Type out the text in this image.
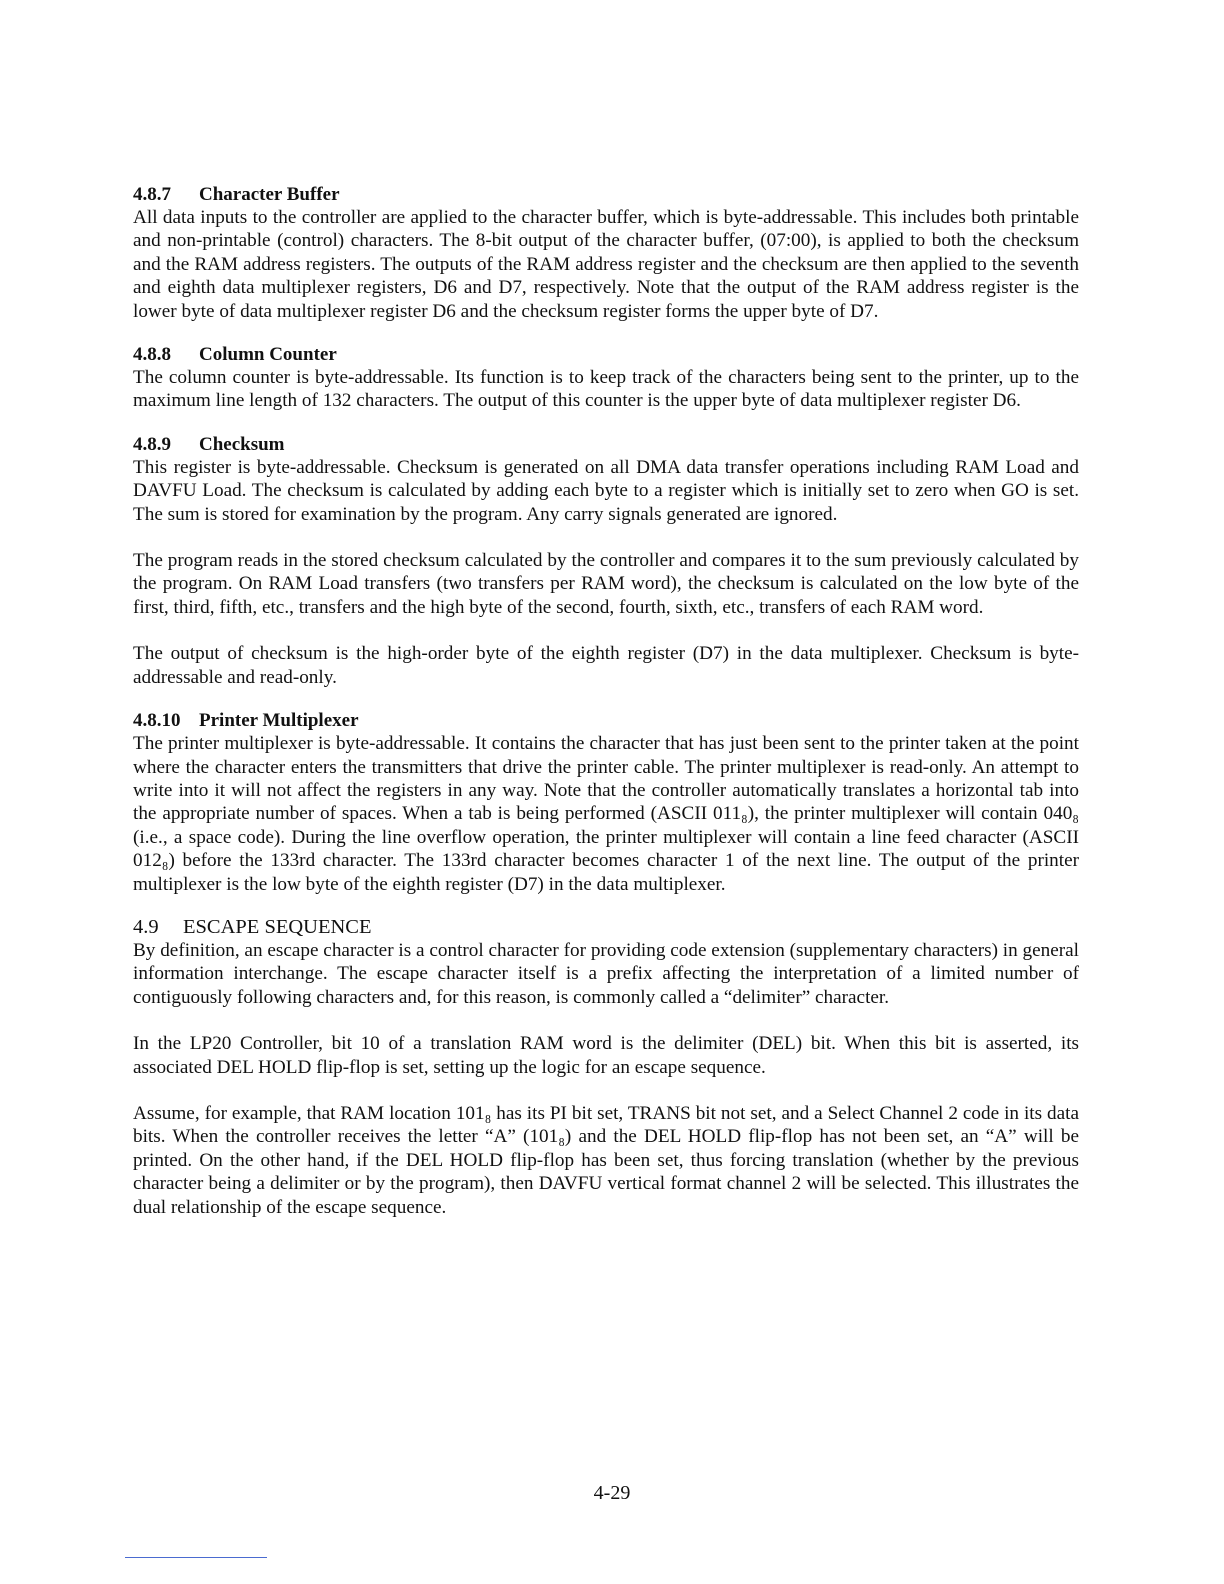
4.8.7 Character Buffer

All data inputs to the controller are applied to the character buffer, which is byte-addressable. This includes both printable and non-printable (control) characters. The 8-bit output of the character buffer, (07:00), is applied to both the checksum and the RAM address registers. The outputs of the RAM address register and the checksum are then applied to the seventh and eighth data multiplexer registers, D6 and D7, respectively. Note that the output of the RAM address register is the lower byte of data multiplexer register D6 and the checksum register forms the upper byte of D7.

4.8.8 Column Counter

The column counter is byte-addressable. Its function is to keep track of the characters being sent to the printer, up to the maximum line length of 132 characters. The output of this counter is the upper byte of data multiplexer register D6.

4.8.9 Checksum

This register is byte-addressable. Checksum is generated on all DMA data transfer operations including RAM Load and DAVFU Load. The checksum is calculated by adding each byte to a register which is initially set to zero when GO is set. The sum is stored for examination by the program. Any carry signals generated are ignored.

The program reads in the stored checksum calculated by the controller and compares it to the sum previously calculated by the program. On RAM Load transfers (two transfers per RAM word), the checksum is calculated on the low byte of the first, third, fifth, etc., transfers and the high byte of the second, fourth, sixth, etc., transfers of each RAM word.

The output of checksum is the high-order byte of the eighth register (D7) in the data multiplexer. Checksum is byte-addressable and read-only.

4.8.10 Printer Multiplexer

The printer multiplexer is byte-addressable. It contains the character that has just been sent to the printer taken at the point where the character enters the transmitters that drive the printer cable. The printer multiplexer is read-only. An attempt to write into it will not affect the registers in any way. Note that the controller automatically translates a horizontal tab into the appropriate number of spaces. When a tab is being performed (ASCII 011₈), the printer multiplexer will contain 040₈ (i.e., a space code). During the line overflow operation, the printer multiplexer will contain a line feed character (ASCII 012₈) before the 133rd character. The 133rd character becomes character 1 of the next line. The output of the printer multiplexer is the low byte of the eighth register (D7) in the data multiplexer.

4.9 ESCAPE SEQUENCE

By definition, an escape character is a control character for providing code extension (supplementary characters) in general information interchange. The escape character itself is a prefix affecting the interpretation of a limited number of contiguously following characters and, for this reason, is commonly called a “delimiter” character.

In the LP20 Controller, bit 10 of a translation RAM word is the delimiter (DEL) bit. When this bit is asserted, its associated DEL HOLD flip-flop is set, setting up the logic for an escape sequence.

Assume, for example, that RAM location 101₈ has its PI bit set, TRANS bit not set, and a Select Channel 2 code in its data bits. When the controller receives the letter “A” (101₈) and the DEL HOLD flip-flop has not been set, an “A” will be printed. On the other hand, if the DEL HOLD flip-flop has been set, thus forcing translation (whether by the previous character being a delimiter or by the program), then DAVFU vertical format channel 2 will be selected. This illustrates the dual relationship of the escape sequence.

4-29
